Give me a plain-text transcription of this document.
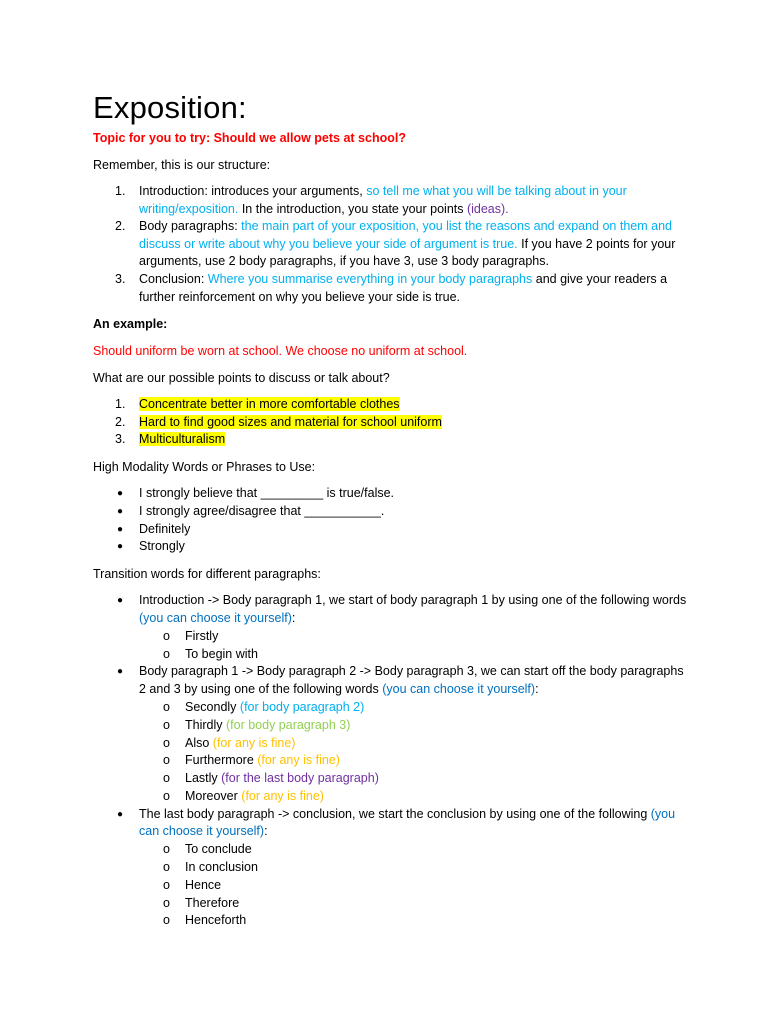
Exposition:

Topic for you to try: Should we allow pets at school?

Remember, this is our structure:

1. Introduction: introduces your arguments, so tell me what you will be talking about in your writing/exposition. In the introduction, you state your points (ideas).
2. Body paragraphs: the main part of your exposition, you list the reasons and expand on them and discuss or write about why you believe your side of argument is true. If you have 2 points for your arguments, use 2 body paragraphs, if you have 3, use 3 body paragraphs.
3. Conclusion: Where you summarise everything in your body paragraphs and give your readers a further reinforcement on why you believe your side is true.

An example:

Should uniform be worn at school. We choose no uniform at school.

What are our possible points to discuss or talk about?

1. Concentrate better in more comfortable clothes
2. Hard to find good sizes and material for school uniform
3. Multiculturalism

High Modality Words or Phrases to Use:

● I strongly believe that _________ is true/false.
● I strongly agree/disagree that ___________.
● Definitely
● Strongly

Transition words for different paragraphs:

● Introduction -> Body paragraph 1, we start of body paragraph 1 by using one of the following words (you can choose it yourself):
o Firstly
o To begin with
● Body paragraph 1 -> Body paragraph 2 -> Body paragraph 3, we can start off the body paragraphs 2 and 3 by using one of the following words (you can choose it yourself):
o Secondly (for body paragraph 2)
o Thirdly (for body paragraph 3)
o Also (for any is fine)
o Furthermore (for any is fine)
o Lastly (for the last body paragraph)
o Moreover (for any is fine)
● The last body paragraph -> conclusion, we start the conclusion by using one of the following (you can choose it yourself):
o To conclude
o In conclusion
o Hence
o Therefore
o Henceforth
